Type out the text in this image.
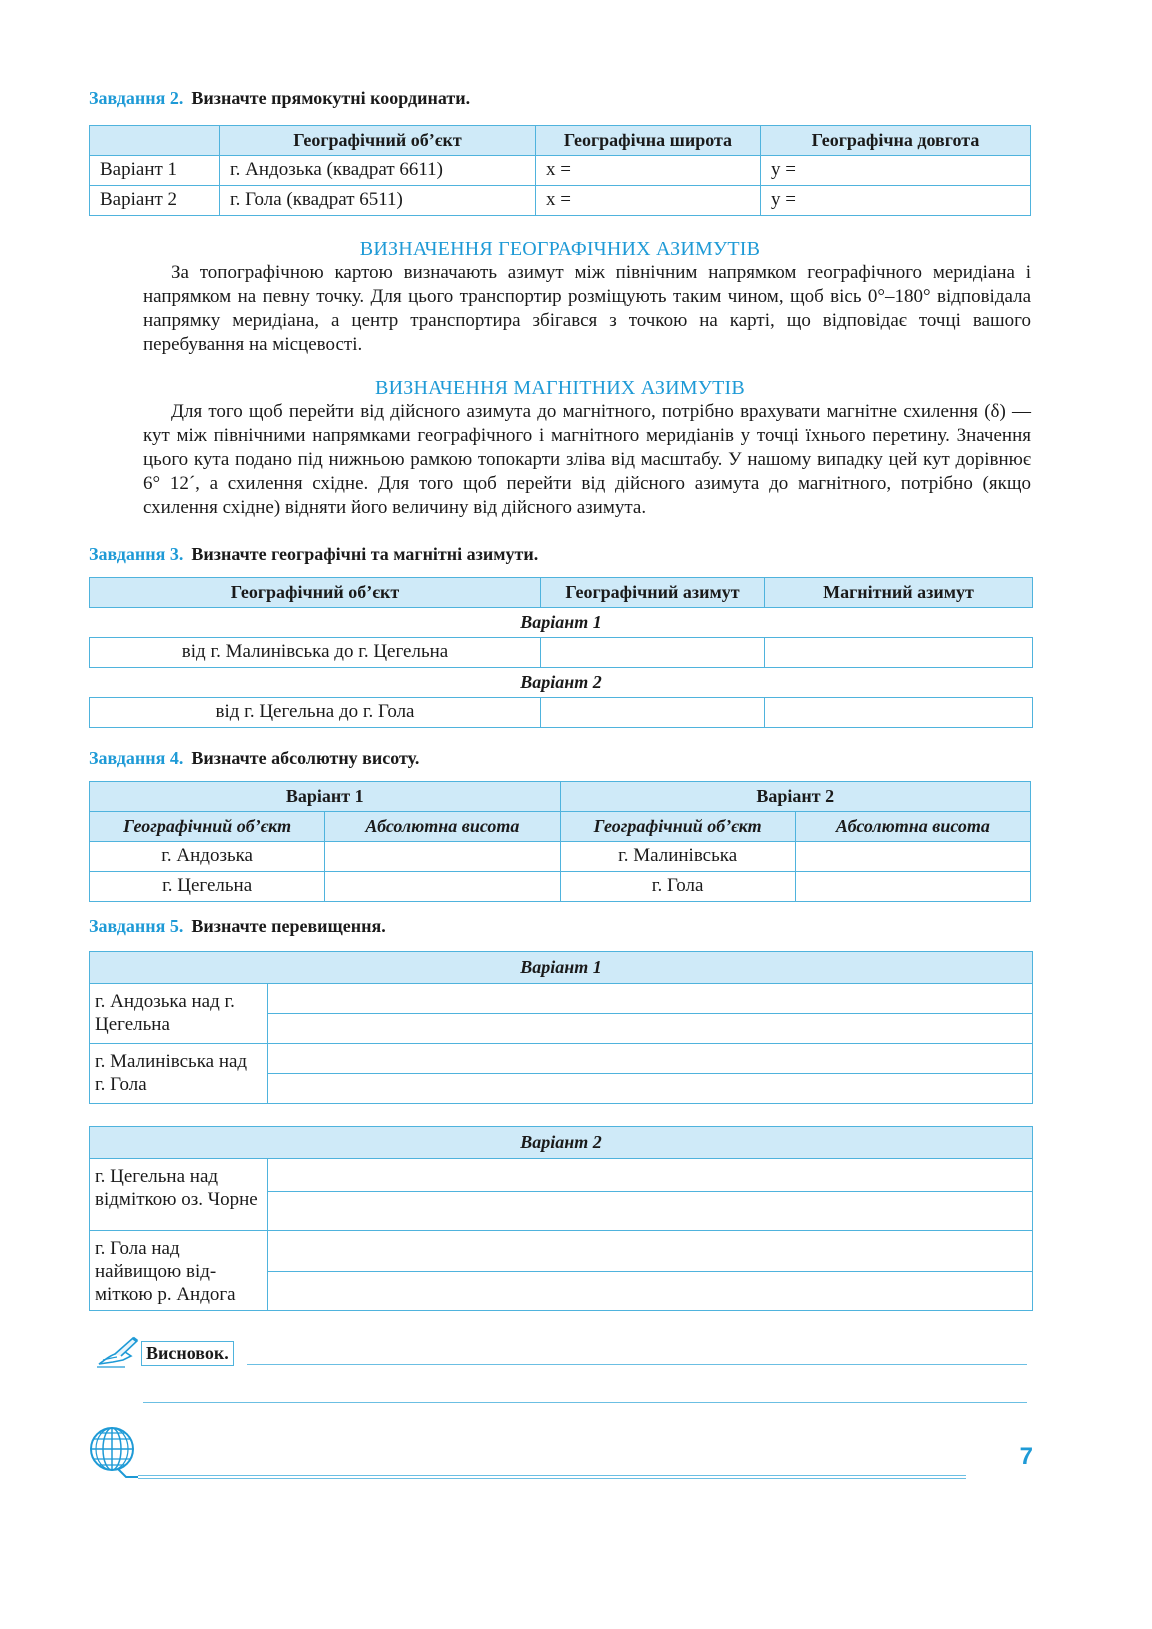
Завдання 2. Визначте прямокутні координати.

	Географічний об’єкт	Географічна широта	Географічна довгота
Варіант 1	г. Андозька (квадрат 6611)	x =	y =
Варіант 2	г. Гола (квадрат 6511)	x =	y =
ВИЗНАЧЕННЯ ГЕОГРАФІЧНИХ АЗИМУТІВ

За топографічною картою визначають азимут між північним напрямком географічного меридіана і напрямком на певну точку. Для цього транспортир розміщують таким чином, щоб вісь 0°–180° відповідала напрямку меридіана, а центр транспортира збігався з точкою на карті, що відповідає точці вашого перебування на місцевості.

ВИЗНАЧЕННЯ МАГНІТНИХ АЗИМУТІВ

Для того щоб перейти від дійсного азимута до магнітного, потрібно врахувати магнітне схилення (δ) — кут між північними напрямками географічного і магнітного меридіанів у точці їхнього перетину. Значення цього кута подано під нижньою рамкою топокарти зліва від масштабу. У нашому випадку цей кут дорівнює 6° 12´, а схилення східне. Для того щоб перейти від дійсного азимута до магнітного, потрібно (якщо схилення східне) відняти його величину від дійсного азимута.

Завдання 3. Визначте географічні та магнітні азимути.

Географічний об’єкт	Географічний азимут	Магнітний азимут
Варіант 1		
від г. Малинівська до г. Цегельна		
Варіант 2		
від г. Цегельна до г. Гола		

Завдання 4. Визначте абсолютну висоту.

Варіант 1		Варіант 2	
Географічний об’єкт	Абсолютна висота	Географічний об’єкт	Абсолютна висота
г. Андозька		г. Малинівська	
г. Цегельна		г. Гола	

Завдання 5. Визначте перевищення.

Варіант 1	
г. Андозька над г. Цегельна	

г. Малинівська над г. Гола	

Варіант 2	
г. Цегельна над відміткою оз. Чорне	

г. Гола над найвищою від-міткою р. Андога	

Висновок.
7
